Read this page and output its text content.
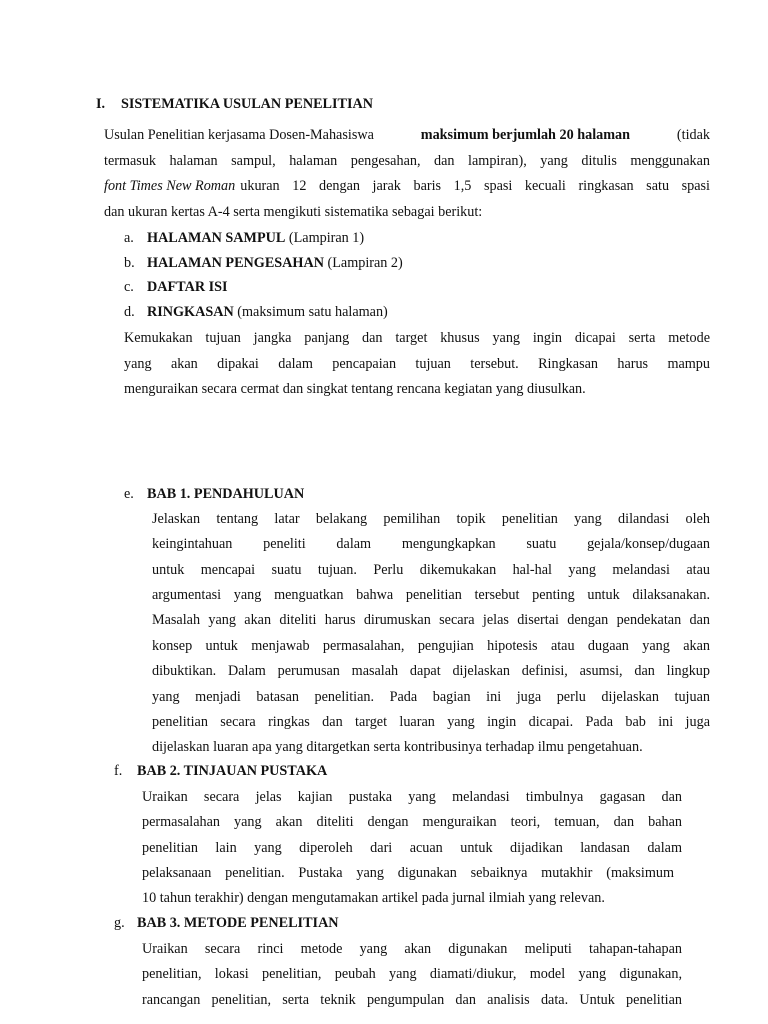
I. SISTEMATIKA USULAN PENELITIAN
Usulan Penelitian kerjasama Dosen-Mahasiswa	maksimum berjumlah 20 halaman	(tidak
termasuk halaman sampul, halaman pengesahan, dan lampiran), yang ditulis menggunakan
font Times New Roman ukuran 12 dengan jarak baris 1,5 spasi kecuali ringkasan satu spasi
dan ukuran kertas A-4 serta mengikuti sistematika sebagai berikut:
a. HALAMAN SAMPUL (Lampiran 1)
b. HALAMAN PENGESAHAN (Lampiran 2)
c. DAFTAR ISI
d. RINGKASAN (maksimum satu halaman)
Kemukakan tujuan jangka panjang dan target khusus yang ingin dicapai serta metode
yang akan dipakai dalam pencapaian tujuan tersebut. Ringkasan harus mampu
menguraikan secara cermat dan singkat tentang rencana kegiatan yang diusulkan.
e. BAB 1. PENDAHULUAN
Jelaskan tentang latar belakang pemilihan topik penelitian yang dilandasi oleh
keingintahuan peneliti dalam mengungkapkan suatu gejala/konsep/dugaan
untuk mencapai suatu tujuan. Perlu dikemukakan hal-hal yang melandasi atau
argumentasi yang menguatkan bahwa penelitian tersebut penting untuk dilaksanakan.
Masalah yang akan diteliti harus dirumuskan secara jelas disertai dengan pendekatan dan
konsep untuk menjawab permasalahan, pengujian hipotesis atau dugaan yang akan
dibuktikan. Dalam perumusan masalah dapat dijelaskan definisi, asumsi, dan lingkup
yang menjadi batasan penelitian. Pada bagian ini juga perlu dijelaskan tujuan
penelitian secara ringkas dan target luaran yang ingin dicapai. Pada bab ini juga
dijelaskan luaran apa yang ditargetkan serta kontribusinya terhadap ilmu pengetahuan.
f. BAB 2. TINJAUAN PUSTAKA
Uraikan secara jelas kajian pustaka yang melandasi timbulnya gagasan dan
permasalahan yang akan diteliti dengan menguraikan teori, temuan, dan bahan
penelitian lain yang diperoleh dari acuan untuk dijadikan landasan dalam
pelaksanaan penelitian. Pustaka yang digunakan sebaiknya mutakhir (maksimum
10 tahun terakhir) dengan mengutamakan artikel pada jurnal ilmiah yang relevan.
g. BAB 3. METODE PENELITIAN
Uraikan secara rinci metode yang akan digunakan meliputi tahapan-tahapan
penelitian, lokasi penelitian, peubah yang diamati/diukur, model yang digunakan,
rancangan penelitian, serta teknik pengumpulan dan analisis data. Untuk penelitian
